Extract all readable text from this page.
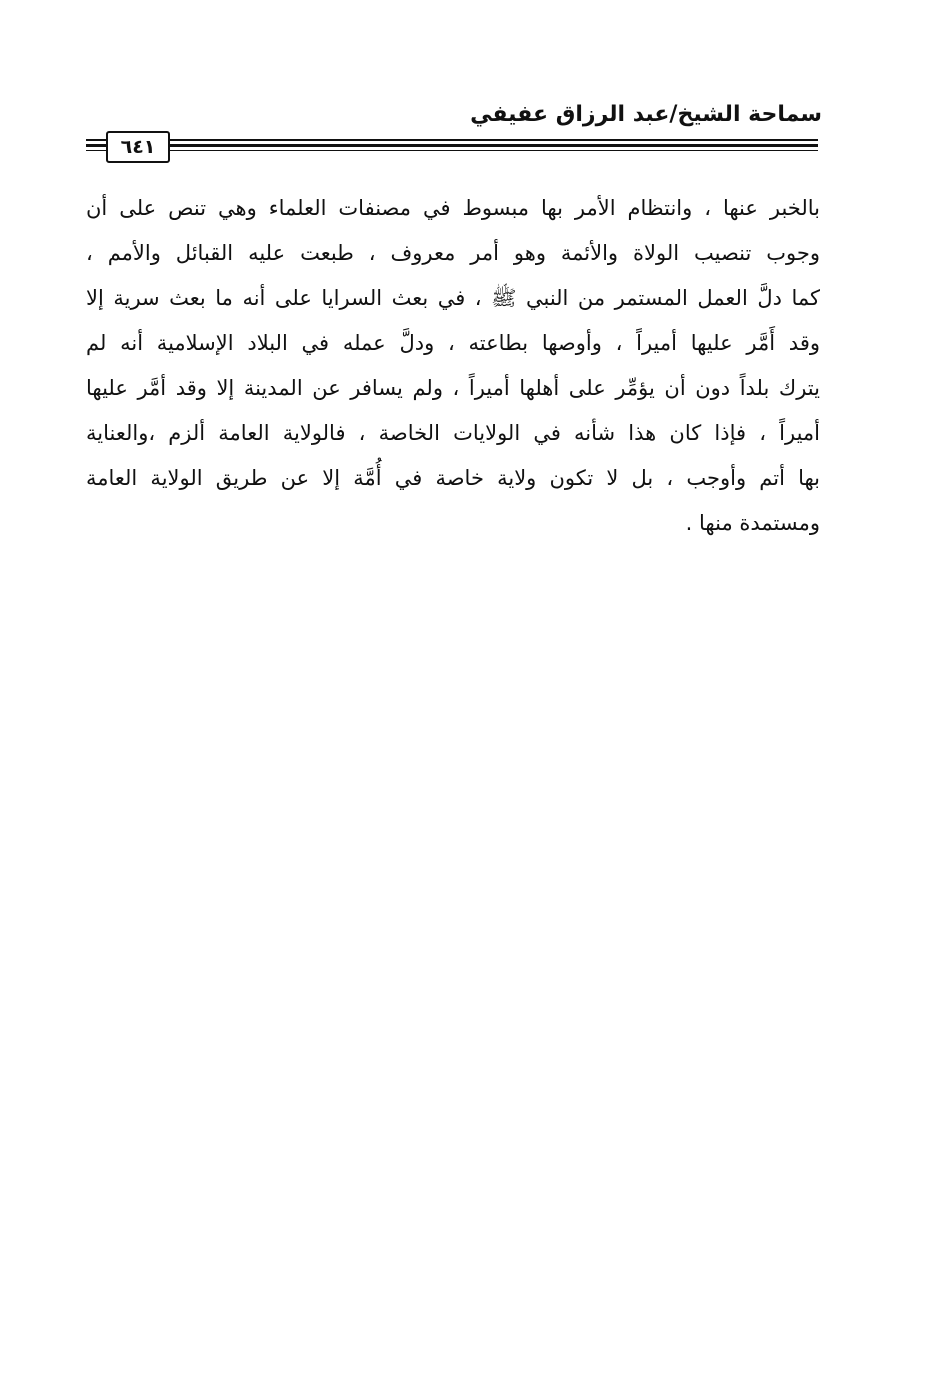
سماحة الشيخ/عبد الرزاق عفيفي
٦٤١
بالخبر عنها ، وانتظام الأمر بها مبسوط في مصنفات العلماء وهي تنص على أن
وجوب تنصيب الولاة والأئمة وهو أمر معروف ، طبعت عليه القبائل والأمم ،
كما دلَّ العمل المستمر من النبي ﷺ ، في بعث السرايا على أنه ما بعث سرية إلا
وقد أَمَّر عليها أميراً ، وأوصها بطاعته ، ودلَّ عمله في البلاد الإسلامية أنه لم
يترك بلداً دون أن يؤمِّر على أهلها أميراً ، ولم يسافر عن المدينة إلا وقد أمَّر عليها
أميراً ، فإذا كان هذا شأنه في الولايات الخاصة ، فالولاية العامة ألزم ،والعناية
بها أتم وأوجب ، بل لا تكون ولاية خاصة في أُمَّة إلا عن طريق الولاية العامة
ومستمدة منها .
